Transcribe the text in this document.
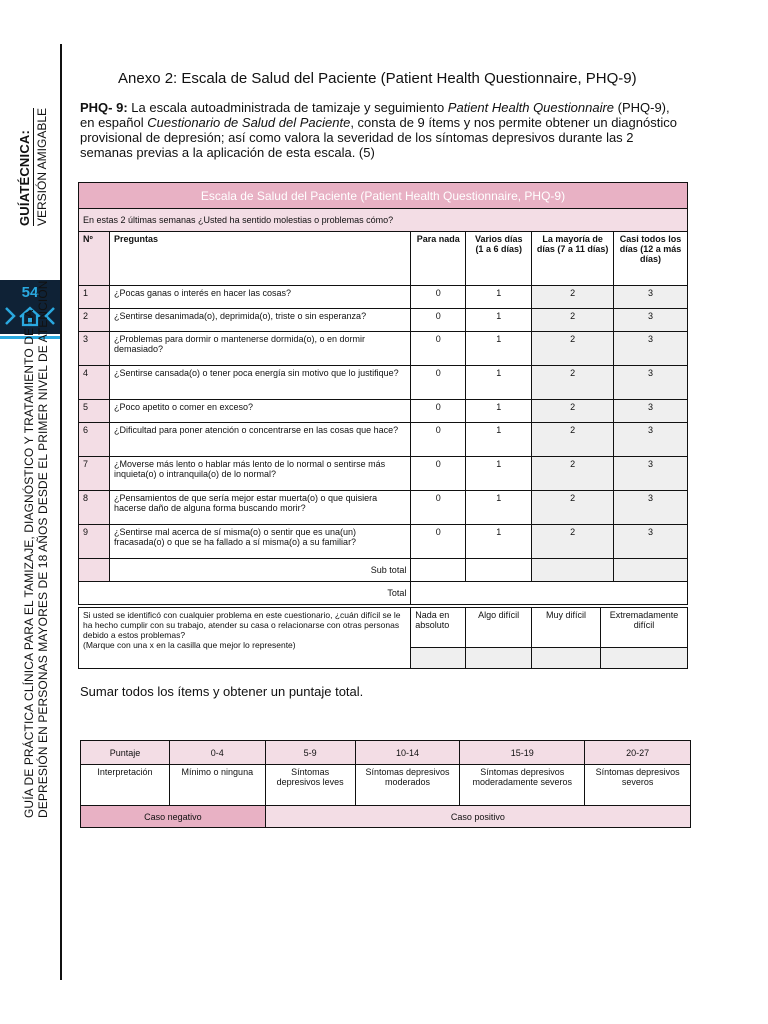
GUÍATÉCNICA: VERSIÓN AMIGABLE
54
GUÍA DE PRÁCTICA CLÍNICA PARA EL TAMIZAJE, DIAGNÓSTICO Y TRATAMIENTO DE LA DEPRESIÓN EN PERSONAS MAYORES DE 18 AÑOS DESDE EL PRIMER NIVEL DE ATENCIÓN
Anexo 2: Escala de Salud del Paciente (Patient Health Questionnaire, PHQ-9)
PHQ- 9: La escala autoadministrada de tamizaje y seguimiento Patient Health Questionnaire (PHQ-9), en español Cuestionario de Salud del Paciente, consta de 9 ítems y nos permite obtener un diagnóstico provisional de depresión; así como valora la severidad de los síntomas depresivos durante las 2 semanas previas a la aplicación de esta escala. (5)
Escala de Salud del Paciente (Patient Health Questionnaire, PHQ-9)					
En estas 2 últimas semanas ¿Usted ha sentido molestias o problemas cómo?					
Nº	Preguntas	Para nada	Varios días (1 a 6 días)	La mayoría de días (7 a 11 días)	Casi todos los días (12 a más días)
1	¿Pocas ganas o interés en hacer las cosas?	0	1	2	3
2	¿Sentirse desanimada(o), deprimida(o), triste o sin esperanza?	0	1	2	3
3	¿Problemas para dormir o mantenerse dormida(o), o en dormir demasiado?	0	1	2	3
4	¿Sentirse cansada(o) o tener poca energía sin motivo que lo justifique?	0	1	2	3
5	¿Poco apetito o comer en exceso?	0	1	2	3
6	¿Dificultad para poner atención o concentrarse en las cosas que hace?	0	1	2	3
7	¿Moverse más lento o hablar más lento de lo normal o sentirse más inquieta(o) o intranquila(o) de lo normal?	0	1	2	3
8	¿Pensamientos de que sería mejor estar muerta(o) o que quisiera hacerse daño de alguna forma buscando morir?	0	1	2	3
9	¿Sentirse mal acerca de sí misma(o) o sentir que es una(un) fracasada(o) o que se ha fallado a sí misma(o) a su familiar?	0	1	2	3
	Sub total				
Total					
Si usted se identificó con cualquier problema en este cuestionario, ¿cuán difícil se le ha hecho cumplir con su trabajo, atender su casa o relacionarse con otras personas debido a estos problemas?
(Marque con una x en la casilla que mejor lo represente)	Nada en absoluto	Algo difícil	Muy difícil	Extremadamente difícil

Sumar todos los ítems y obtener un puntaje total.
Puntaje	0-4	5-9	10-14	15-19	20-27
Interpretación	Mínimo o ninguna	Síntomas depresivos leves	Síntomas depresivos moderados	Síntomas depresivos moderadamente severos	Síntomas depresivos severos
Caso negativo		Caso positivo			
